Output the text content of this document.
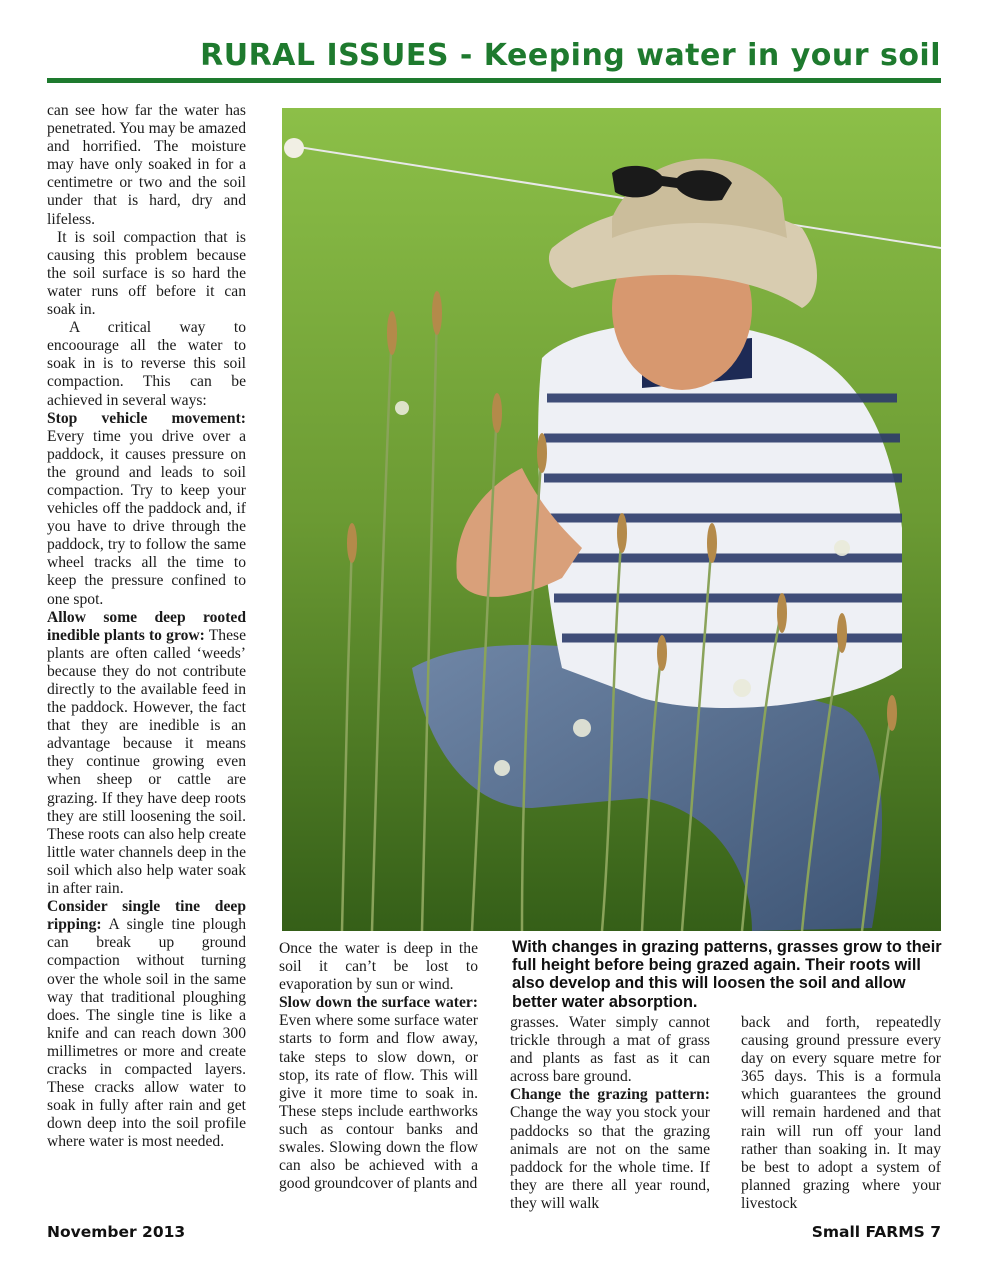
RURAL ISSUES - Keeping water in your soil

can see how far the water has penetrated. You may be amazed and horrified. The moisture may have only soaked in for a centimetre or two and the soil under that is hard, dry and lifeless.

It is soil compaction that is causing this problem because the soil surface is so hard the water runs off before it can soak in.

A critical way to encoourage all the water to soak in is to reverse this soil compaction. This can be achieved in several ways:

Stop vehicle movement: Every time you drive over a paddock, it causes pressure on the ground and leads to soil compaction. Try to keep your vehicles off the paddock and, if you have to drive through the paddock, try to follow the same wheel tracks all the time to keep the pressure confined to one spot.

Allow some deep rooted inedible plants to grow: These plants are often called ‘weeds’ because they do not contribute directly to the available feed in the paddock. However, the fact that they are inedible is an advantage because it means they continue growing even when sheep or cattle are grazing. If they have deep roots they are still loosening the soil. These roots can also help create little water channels deep in the soil which also help water soak in after rain.

Consider single tine deep ripping: A single tine plough can break up ground compaction without turning over the whole soil in the same way that traditional ploughing does. The single tine is like a knife and can reach down 300 millimetres or more and create cracks in compacted layers. These cracks allow water to soak in fully after rain and get down deep into the soil profile where water is most needed.

Once the water is deep in the soil it can’t be lost to evaporation by sun or wind.

Slow down the surface water: Even where some surface water starts to form and flow away, take steps to slow down, or stop, its rate of flow. This will give it more time to soak in. These steps include earthworks such as contour banks and swales. Slowing down the flow can also be achieved with a good groundcover of plants and

With changes in grazing patterns, grasses grow to their full height before being grazed again. Their roots will also develop and this will loosen the soil and allow better water absorption.

grasses. Water simply cannot trickle through a mat of grass and plants as fast as it can across bare ground.

Change the grazing pattern: Change the way you stock your paddocks so that the grazing animals are not on the same paddock for the whole time. If they are there all year round, they will walk

back and forth, repeatedly causing ground pressure every day on every square metre for 365 days. This is a formula which guarantees the ground will remain hardened and that rain will run off your land rather than soaking in. It may be best to adopt a system of planned grazing where your livestock

November 2013	Small FARMS 7
